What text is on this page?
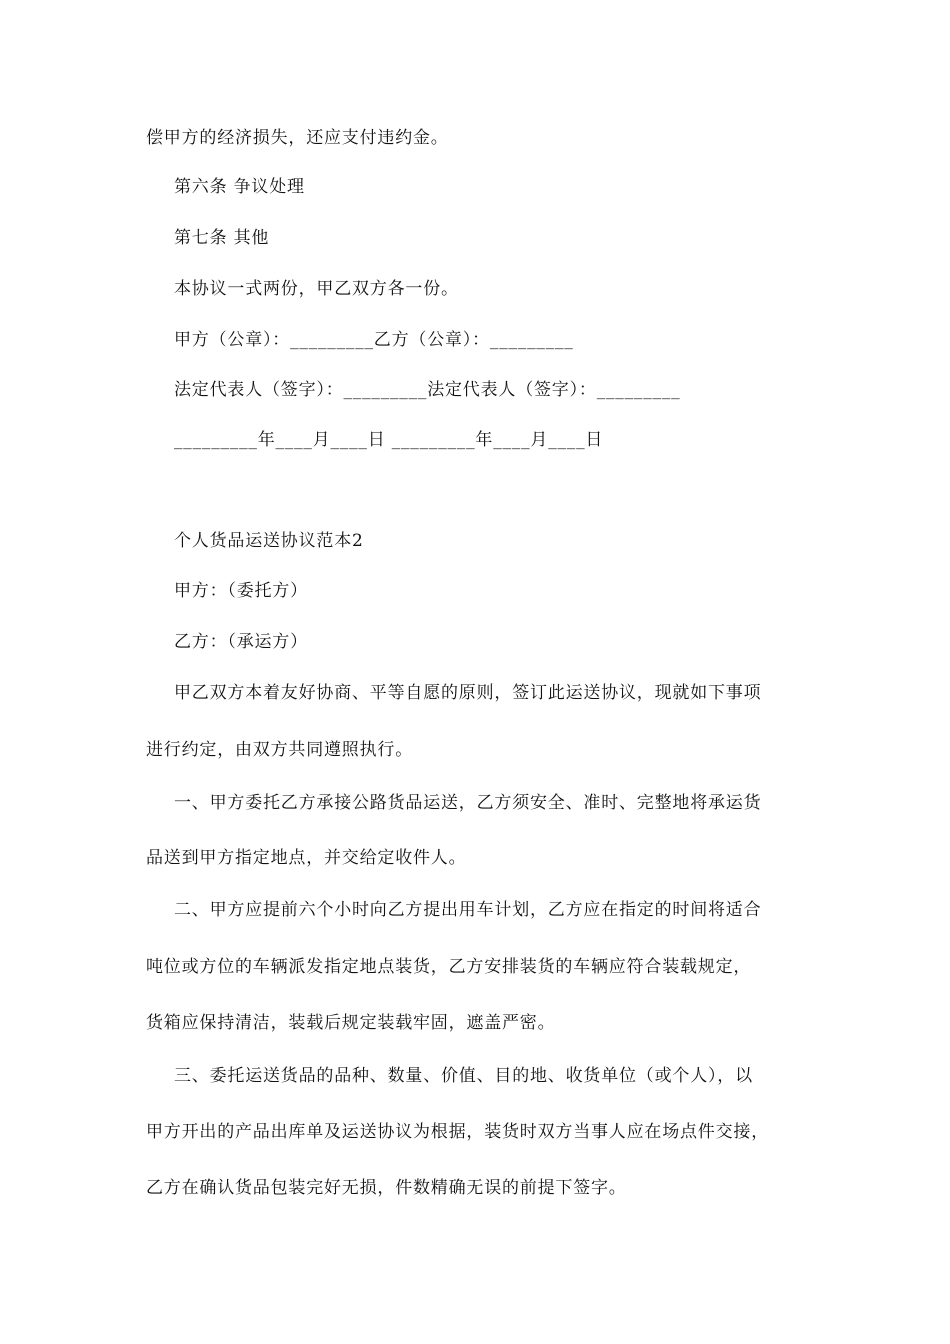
偿甲方的经济损失，还应支付违约金。

第六条 争议处理

第七条 其他

本协议一式两份，甲乙双方各一份。

甲方（公章）：_________乙方（公章）：_________

法定代表人（签字）：_________法定代表人（签字）：_________

_________年____月____日 _________年____月____日

个人货品运送协议范本2

甲方：（委托方）

乙方：（承运方）

甲乙双方本着友好协商、平等自愿的原则，签订此运送协议，现就如下事项

进行约定，由双方共同遵照执行。

一、甲方委托乙方承接公路货品运送，乙方须安全、准时、完整地将承运货

品送到甲方指定地点，并交给定收件人。

二、甲方应提前六个小时向乙方提出用车计划，乙方应在指定的时间将适合

吨位或方位的车辆派发指定地点装货，乙方安排装货的车辆应符合装载规定，

货箱应保持清洁，装载后规定装载牢固，遮盖严密。

三、委托运送货品的品种、数量、价值、目的地、收货单位（或个人），以

甲方开出的产品出库单及运送协议为根据，装货时双方当事人应在场点件交接，

乙方在确认货品包装完好无损，件数精确无误的前提下签字。
